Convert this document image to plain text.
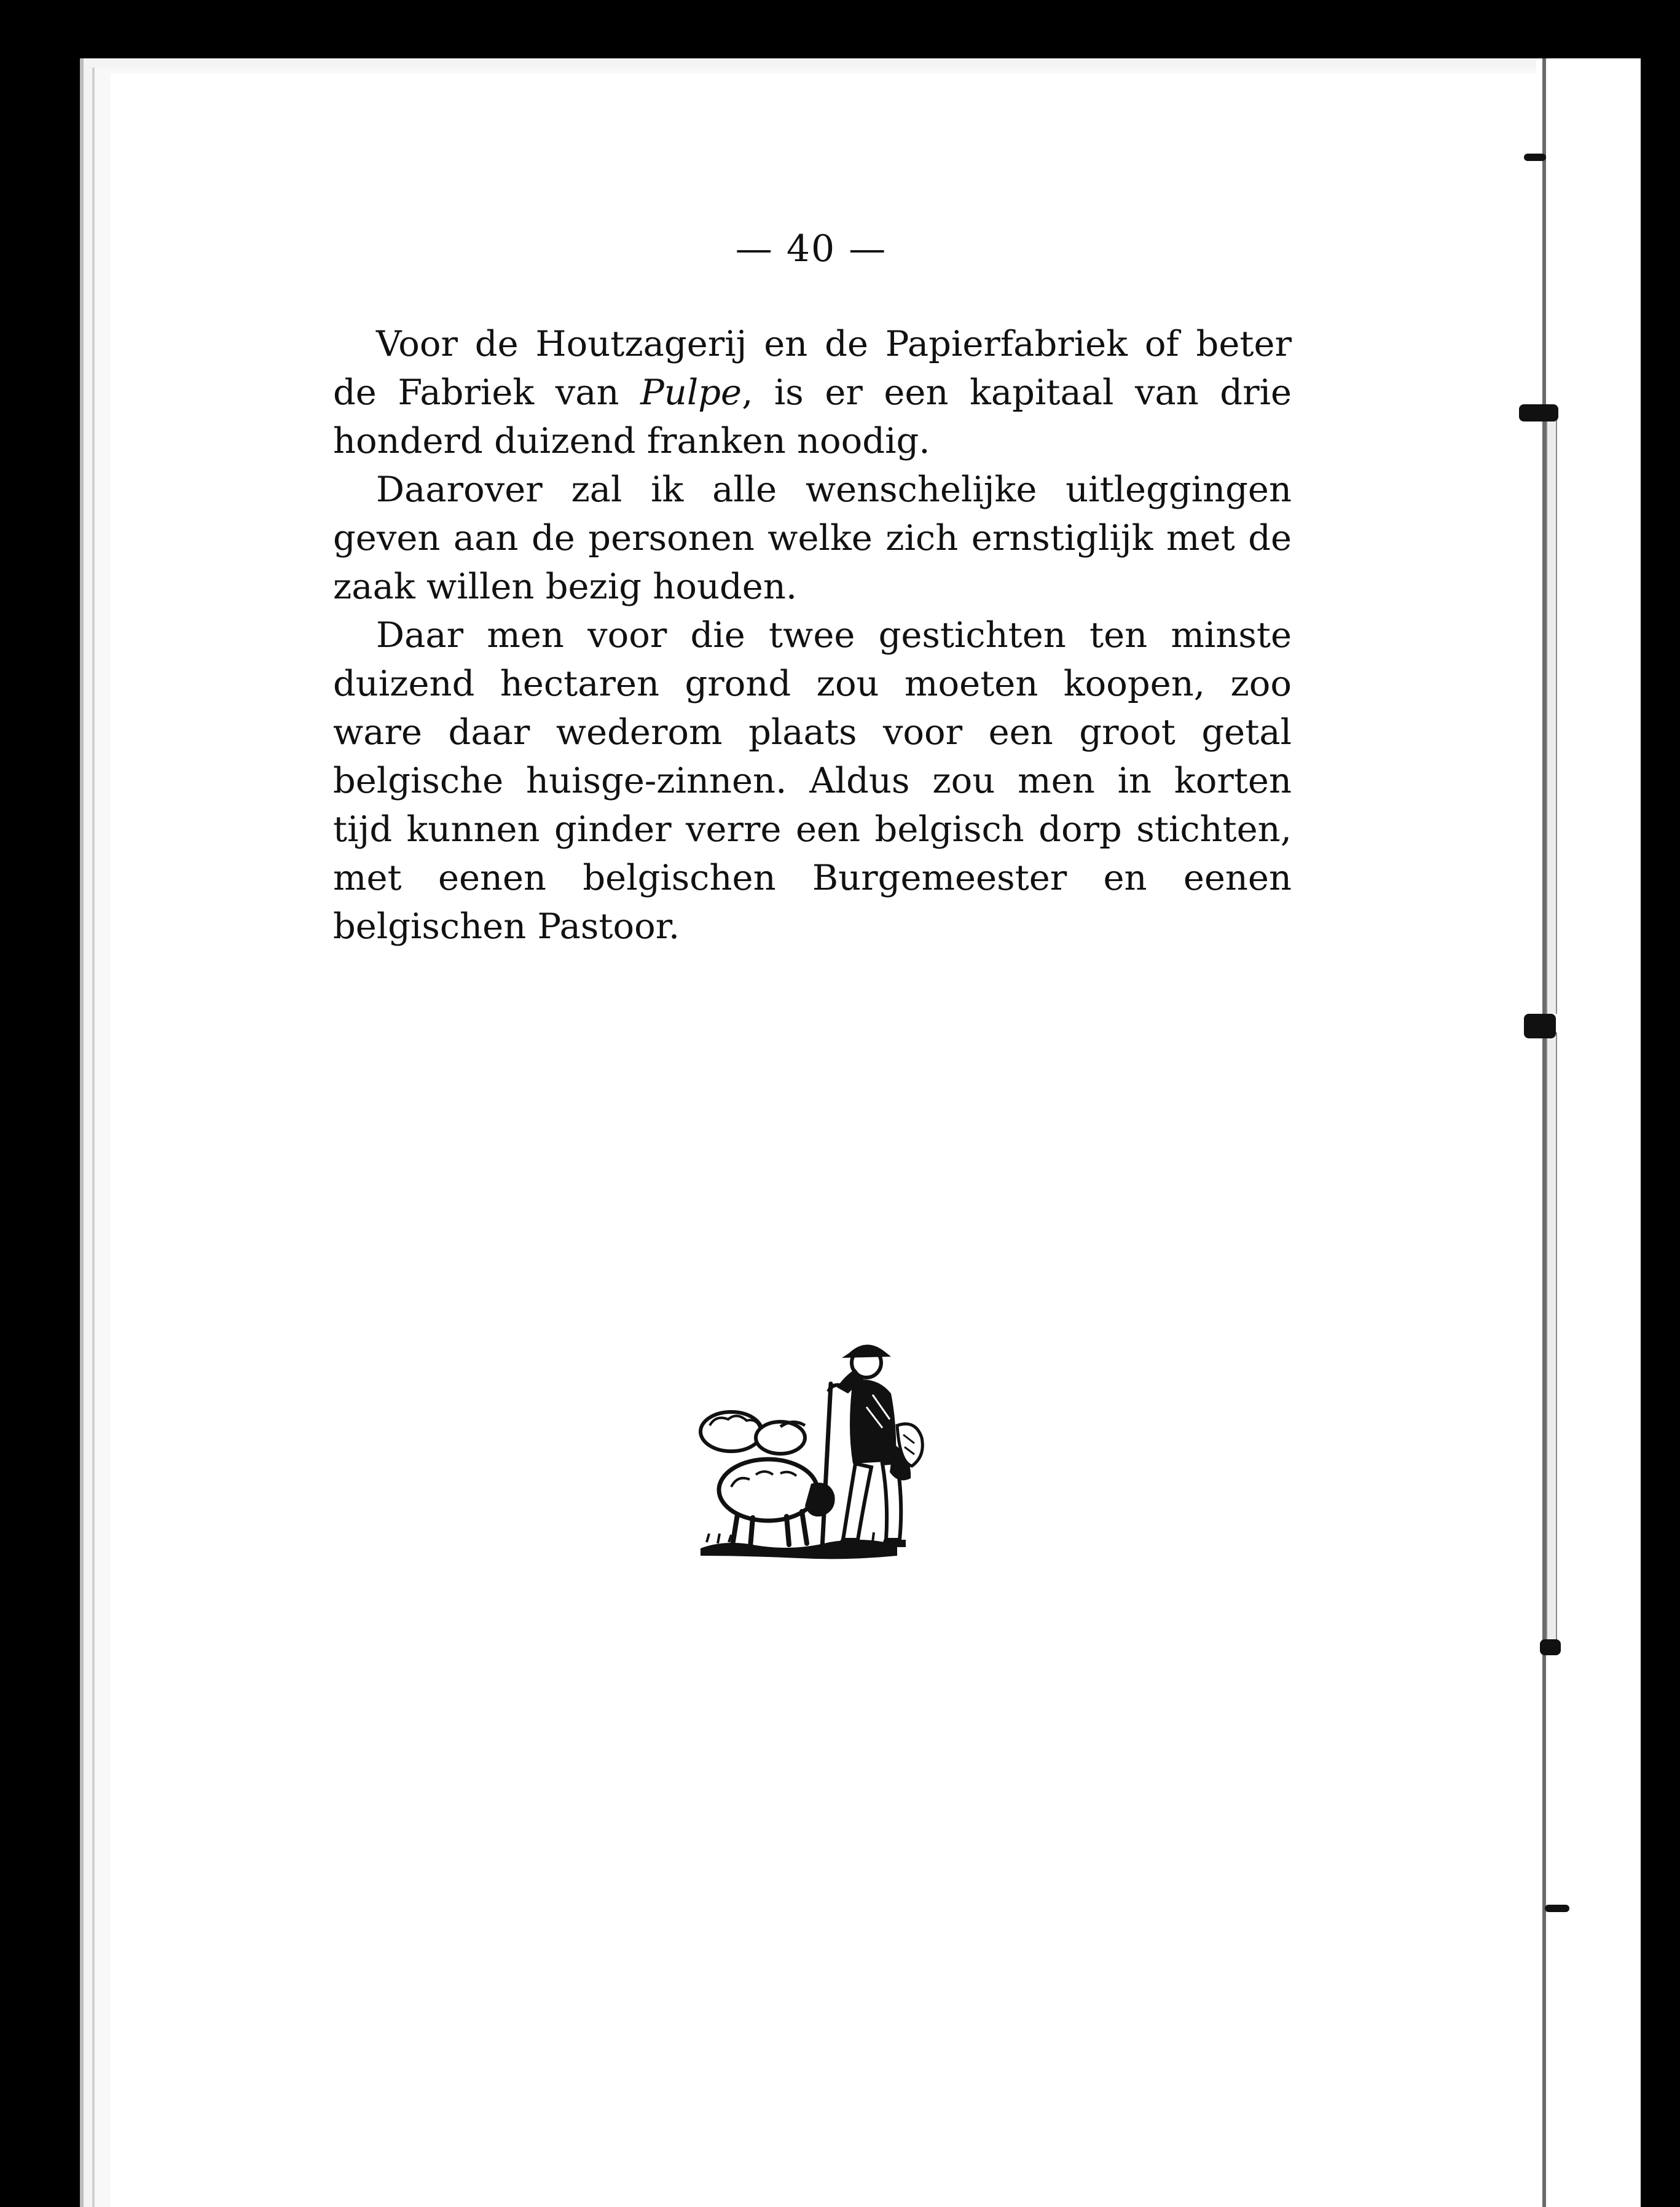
— 40 —

Voor de Houtzagerij en de Papierfabriek of beter de Fabriek van Pulpe, is er een kapitaal van drie honderd duizend franken noodig.

Daarover zal ik alle wenschelijke uitleggingen geven aan de personen welke zich ernstiglijk met de zaak willen bezig houden.

Daar men voor die twee gestichten ten minste duizend hectaren grond zou moeten koopen, zoo ware daar wederom plaats voor een groot getal belgische huisge-zinnen. Aldus zou men in korten tijd kunnen ginder verre een belgisch dorp stichten, met eenen belgischen Burgemeester en eenen belgischen Pastoor.
